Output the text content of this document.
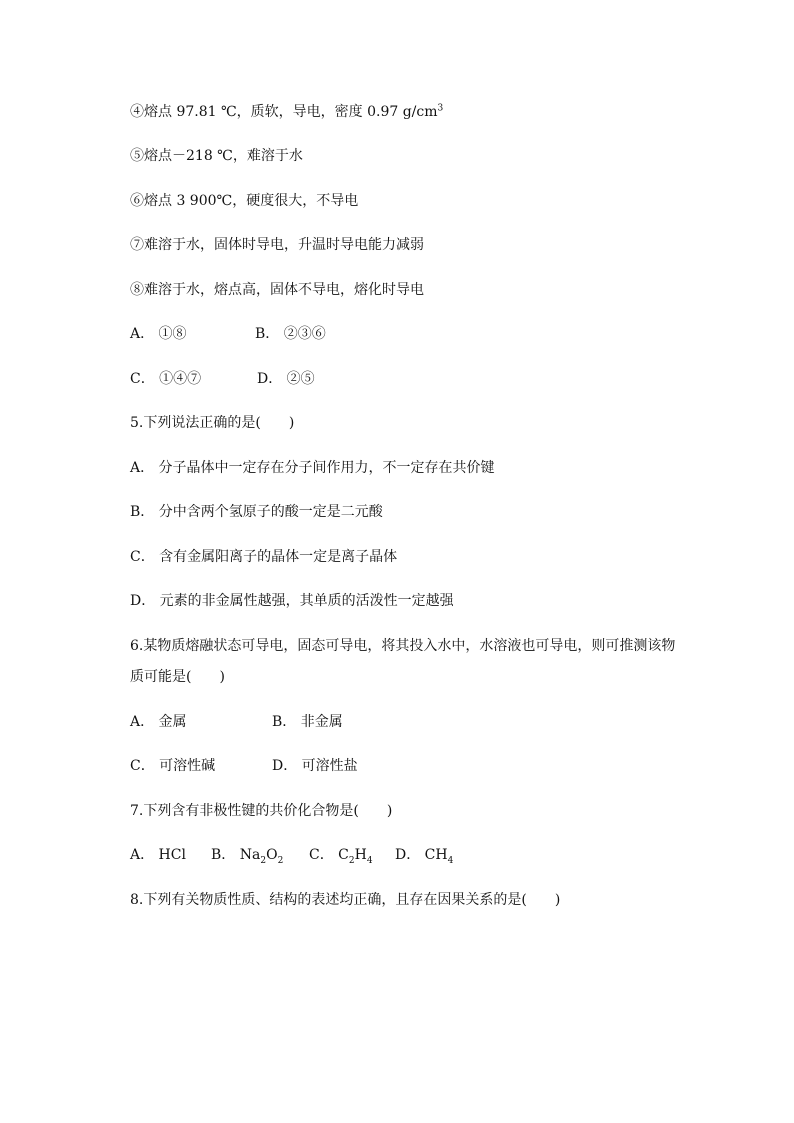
④熔点 97.81 ℃，质软，导电，密度 0.97 $g/cm^3$
⑤熔点－218 ℃，难溶于水
⑥熔点 3 900℃，硬度很大，不导电
⑦难溶于水，固体时导电，升温时导电能力减弱
⑧难溶于水，熔点高，固体不导电，熔化时导电
A． ①⑧	B． ②③⑥
C． ①④⑦	D． ②⑤
5.下列说法正确的是(　　)
A． 分子晶体中一定存在分子间作用力，不一定存在共价键
B． 分中含两个氢原子的酸一定是二元酸
C． 含有金属阳离子的晶体一定是离子晶体
D． 元素的非金属性越强，其单质的活泼性一定越强
6.某物质熔融状态可导电，固态可导电，将其投入水中，水溶液也可导电，则可推测该物
质可能是(　　)
A． 金属	B． 非金属
C． 可溶性碱	D． 可溶性盐
7.下列含有非极性键的共价化合物是(　　)
A． HCl B． $Na_2O_2$ C． $C_2H_4$ D． $CH_4$
8.下列有关物质性质、结构的表述均正确，且存在因果关系的是(　　)
